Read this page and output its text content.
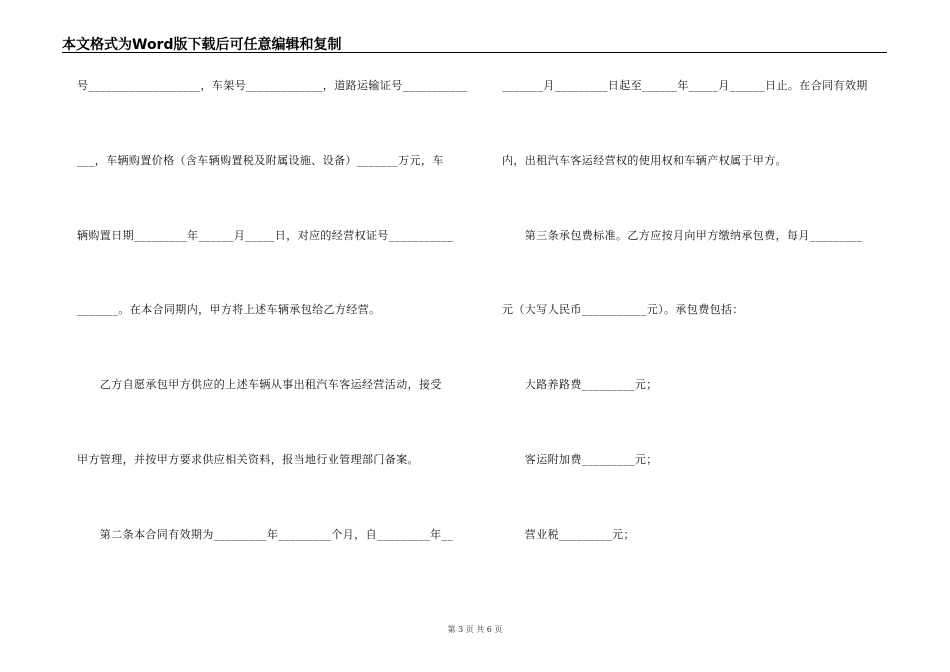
本文格式为Word版下载后可任意编辑和复制
号___________________，车架号_____________，道路运输证号___________
___，车辆购置价格（含车辆购置税及附属设施、设备）_______万元，车
辆购置日期_________年______月_____日，对应的经营权证号___________
_______。在本合同期内，甲方将上述车辆承包给乙方经营。
　　乙方自愿承包甲方供应的上述车辆从事出租汽车客运经营活动，接受
甲方管理，并按甲方要求供应相关资料，报当地行业管理部门备案。
　　第二条本合同有效期为_________年_________个月，自_________年__
_______月_________日起至______年_____月______日止。在合同有效期
内，出租汽车客运经营权的使用权和车辆产权属于甲方。
　　第三条承包费标准。乙方应按月向甲方缴纳承包费，每月_________
元（大写人民币___________元）。承包费包括：
　　大路养路费_________元；
　　客运附加费_________元；
　　营业税_________元；
第 3 页 共 6 页
